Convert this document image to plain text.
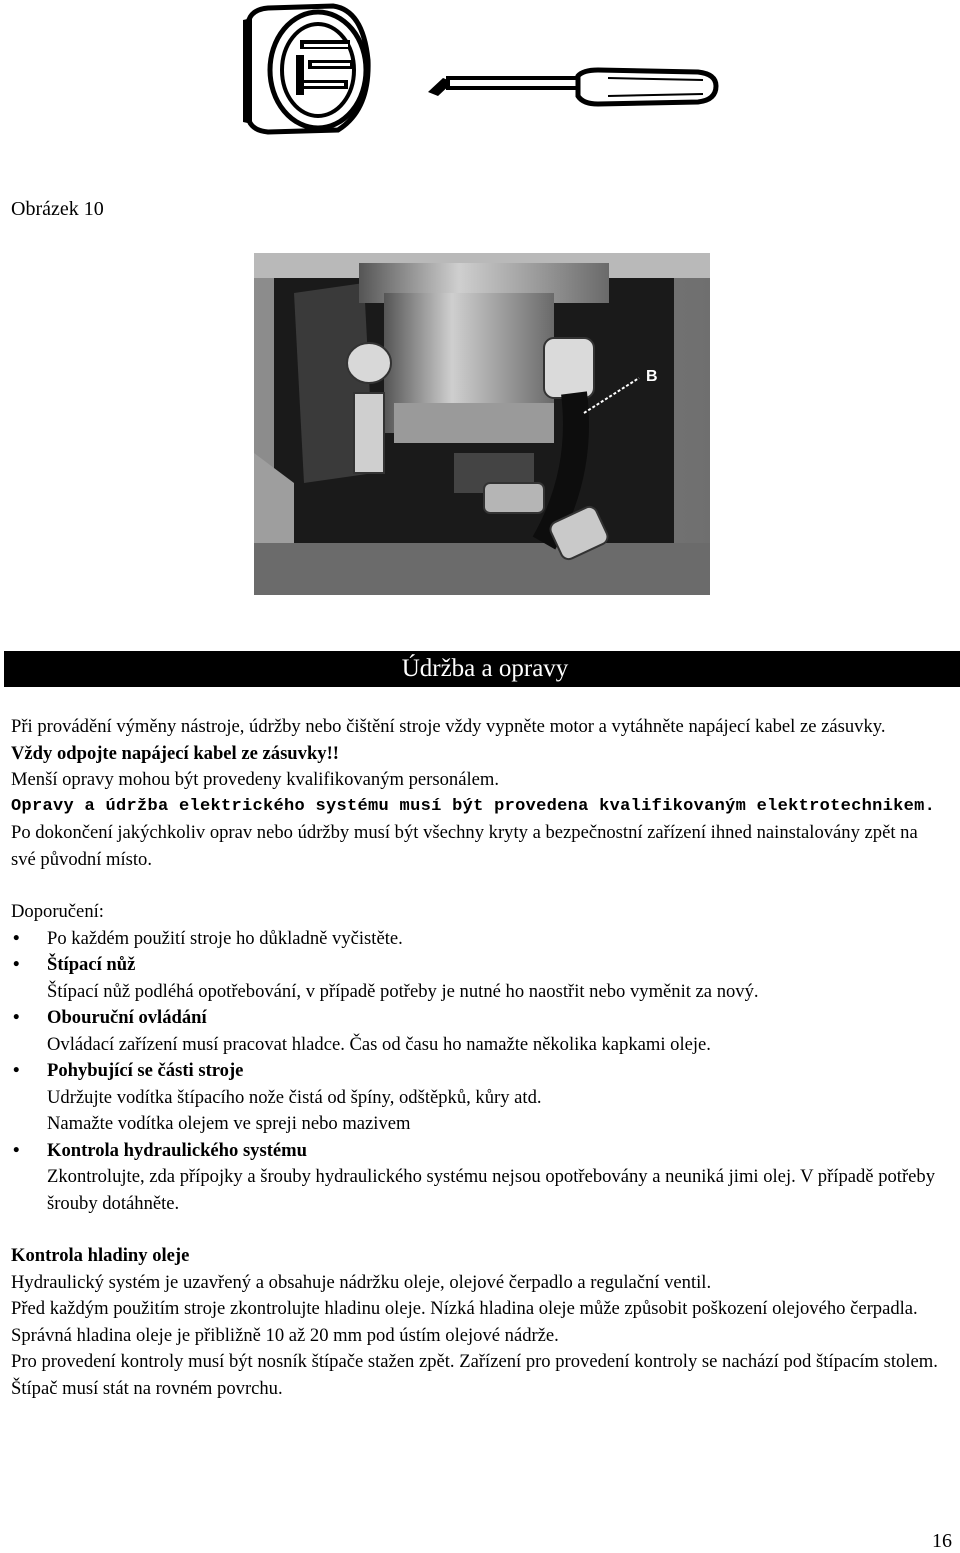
Obrázek 10
B
Údržba a opravy

Při provádění výměny nástroje, údržby nebo čištění stroje vždy vypněte motor a vytáhněte napájecí kabel ze zásuvky.

Vždy odpojte napájecí kabel ze zásuvky!!

Menší opravy mohou být provedeny kvalifikovaným personálem.

Opravy a údržba elektrického systému musí být provedena kvalifikovaným elektrotechnikem.

Po dokončení jakýchkoliv oprav nebo údržby musí být všechny kryty a bezpečnostní zařízení ihned nainstalovány zpět na své původní místo.

Doporučení:

• Po každém použití stroje ho důkladně vyčistěte.
• Štípací nůž
Štípací nůž podléhá opotřebování, v případě potřeby je nutné ho naostřit nebo vyměnit za nový.
• Obouruční ovládání
Ovládací zařízení musí pracovat hladce. Čas od času ho namažte několika kapkami oleje.
• Pohybující se části stroje
Udržujte vodítka štípacího nože čistá od špíny, odštěpků, kůry atd.
Namažte vodítka olejem ve spreji nebo mazivem
• Kontrola hydraulického systému
Zkontrolujte, zda přípojky a šrouby hydraulického systému nejsou opotřebovány a neuniká jimi olej. V případě potřeby šrouby dotáhněte.

Kontrola hladiny oleje

Hydraulický systém je uzavřený a obsahuje nádržku oleje, olejové čerpadlo a regulační ventil.

Před každým použitím stroje zkontrolujte hladinu oleje. Nízká hladina oleje může způsobit poškození olejového čerpadla. Správná hladina oleje je přibližně 10 až 20 mm pod ústím olejové nádrže.

Pro provedení kontroly musí být nosník štípače stažen zpět. Zařízení pro provedení kontroly se nachází pod štípacím stolem. Štípač musí stát na rovném povrchu.

16
